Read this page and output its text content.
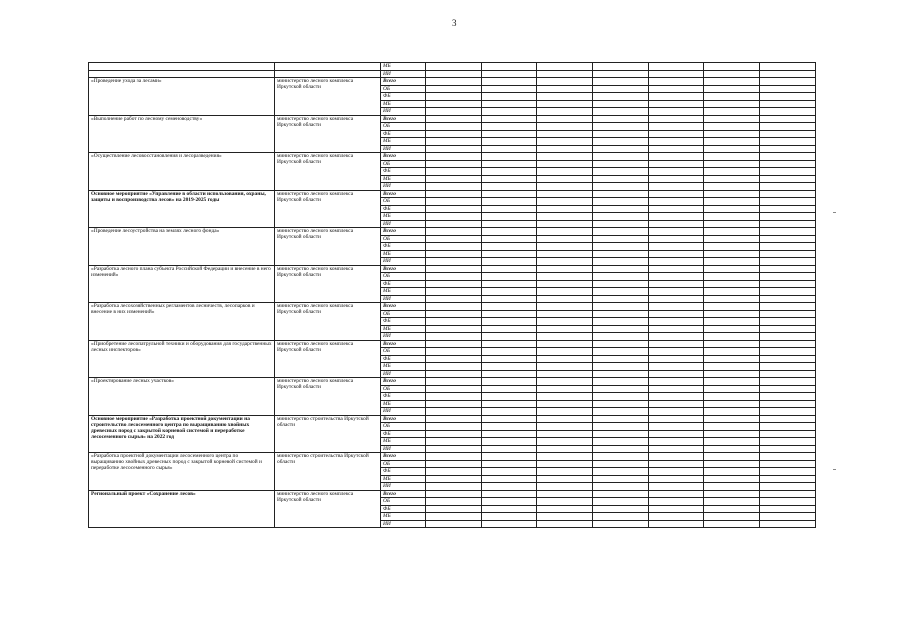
3
		МБ							
		ИИ							
«Проведение ухода за лесами»	министерство лесного комплекса Иркутской области	Всего							
		ОБ							
		ФБ							
		МБ							
		ИИ							
«Выполнение работ по лесному семеноводству»	министерство лесного комплекса Иркутской области	Всего							
		ОБ							
		ФБ							
		МБ							
		ИИ							
«Осуществление лесовосстановления и лесоразведения»	министерство лесного комплекса Иркутской области	Всего							
		ОБ							
		ФБ							
		МБ							
		ИИ							
Основное мероприятие «Управление в области использования, охраны, защиты и воспроизводства лесов» на 2019-2025 годы	министерство лесного комплекса Иркутской области	Всего							
		ОБ							
		ФБ							
		МБ							
		ИИ							
«Проведение лесоустройства на землях лесного фонда»	министерство лесного комплекса Иркутской области	Всего							
		ОБ							
		ФБ							
		МБ							
		ИИ							
«Разработка лесного плана субъекта Российской Федерации и внесение в него изменений»	министерство лесного комплекса Иркутской области	Всего							
		ОБ							
		ФБ							
		МБ							
		ИИ							
«Разработка лесохозяйственных регламентов лесничеств, лесопарков и внесение в них изменений»	министерство лесного комплекса Иркутской области	Всего							
		ОБ							
		ФБ							
		МБ							
		ИИ							
«Приобретение лесопатрульной техники и оборудования для государственных лесных инспекторов»	министерство лесного комплекса Иркутской области	Всего							
		ОБ							
		ФБ							
		МБ							
		ИИ							
«Проектирование лесных участков»	министерство лесного комплекса Иркутской области	Всего							
		ОБ							
		ФБ							
		МБ							
		ИИ							
Основное мероприятие «Разработка проектной документации на строительство лесосеменного центра по выращиванию хвойных древесных пород с закрытой корневой системой и переработке лесосеменного сырья» на 2022 год	министерство строительства Иркутской области	Всего							
		ОБ							
		ФБ							
		МБ							
		ИИ							
«Разработка проектной документации лесосеменного центра по выращиванию хвойных древесных пород с закрытой корневой системой и переработке лесосеменного сырья»	министерство строительства Иркутской области	Всего							
		ОБ							
		ФБ							
		МБ							
		ИИ							
Региональный проект «Сохранение лесов»	министерство лесного комплекса Иркутской области	Всего							
		ОБ							
		ФБ							
		МБ							
		ИИ							
